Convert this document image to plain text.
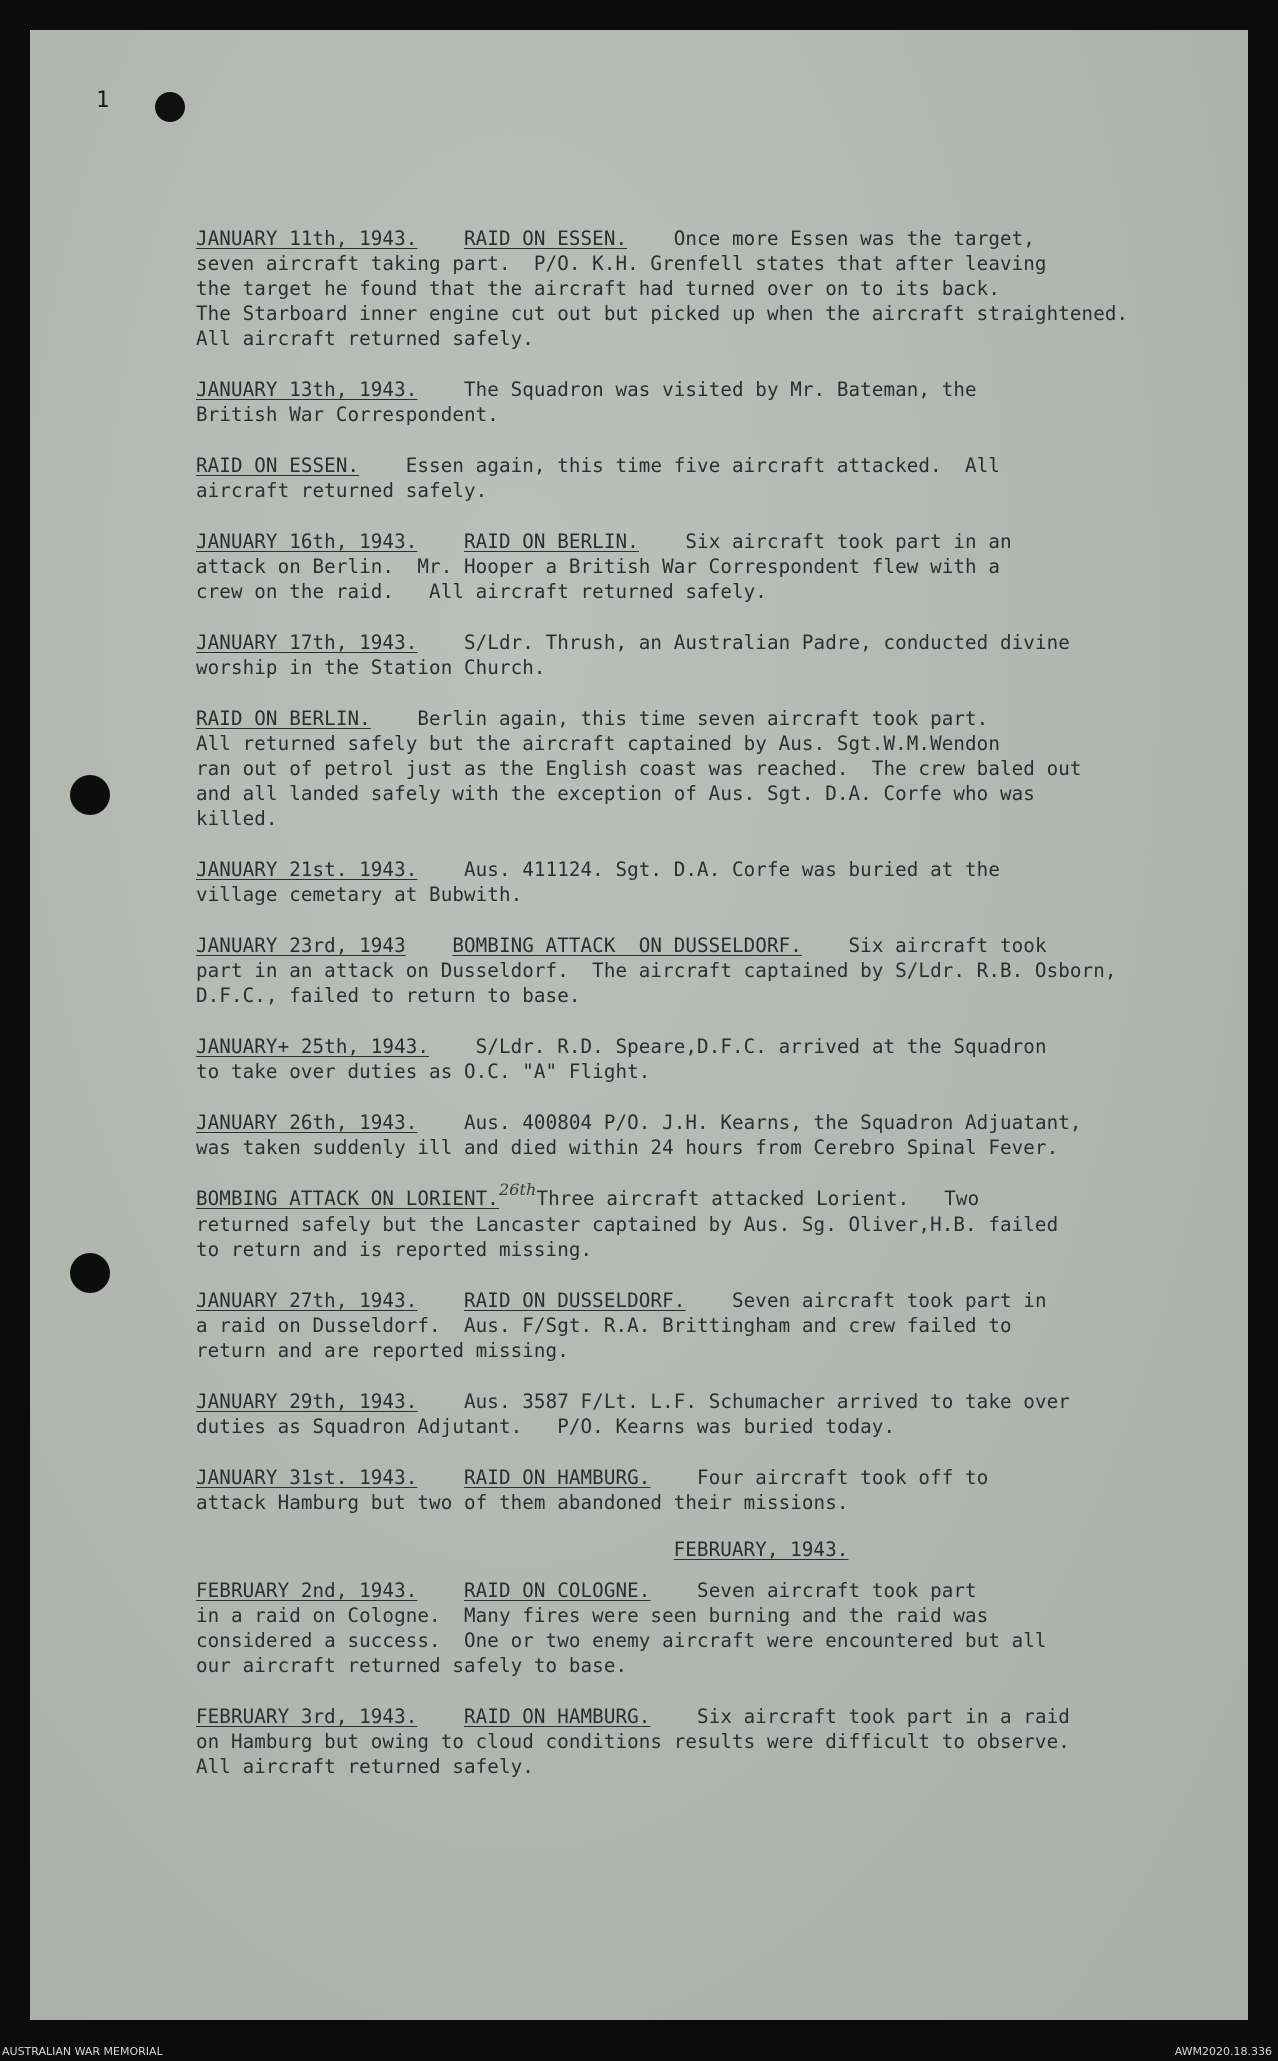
1

JANUARY 11th, 1943. RAID ON ESSEN. Once more Essen was the target,

seven aircraft taking part.  P/O. K.H. Grenfell states that after leaving

the target he found that the aircraft had turned over on to its back.

The Starboard inner engine cut out but picked up when the aircraft straightened.

All aircraft returned safely.

JANUARY 13th, 1943. The Squadron was visited by Mr. Bateman, the

British War Correspondent.

RAID ON ESSEN. Essen again, this time five aircraft attacked.  All

aircraft returned safely.

JANUARY 16th, 1943. RAID ON BERLIN. Six aircraft took part in an

attack on Berlin.  Mr. Hooper a British War Correspondent flew with a

crew on the raid.   All aircraft returned safely.

JANUARY 17th, 1943. S/Ldr. Thrush, an Australian Padre, conducted divine

worship in the Station Church.

RAID ON BERLIN. Berlin again, this time seven aircraft took part.

All returned safely but the aircraft captained by Aus. Sgt.W.M.Wendon

ran out of petrol just as the English coast was reached.  The crew baled out

and all landed safely with the exception of Aus. Sgt. D.A. Corfe who was

killed.

JANUARY 21st. 1943. Aus. 411124. Sgt. D.A. Corfe was buried at the

village cemetary at Bubwith.

JANUARY 23rd, 1943 BOMBING ATTACK  ON DUSSELDORF. Six aircraft took

part in an attack on Dusseldorf.  The aircraft captained by S/Ldr. R.B. Osborn,

D.F.C., failed to return to base.

JANUARY+ 25th, 1943. S/Ldr. R.D. Speare,D.F.C. arrived at the Squadron

to take over duties as O.C. "A" Flight.

JANUARY 26th, 1943. Aus. 400804 P/O. J.H. Kearns, the Squadron Adjuatant,

was taken suddenly ill and died within 24 hours from Cerebro Spinal Fever.

BOMBING ATTACK ON LORIENT.$^{26th}$Three aircraft attacked Lorient.   Two

returned safely but the Lancaster captained by Aus. Sg. Oliver,H.B. failed

to return and is reported missing.

JANUARY 27th, 1943. RAID ON DUSSELDORF. Seven aircraft took part in

a raid on Dusseldorf.  Aus. F/Sgt. R.A. Brittingham and crew failed to

return and are reported missing.

JANUARY 29th, 1943. Aus. 3587 F/Lt. L.F. Schumacher arrived to take over

duties as Squadron Adjutant.   P/O. Kearns was buried today.

JANUARY 31st. 1943. RAID ON HAMBURG. Four aircraft took off to

attack Hamburg but two of them abandoned their missions.

FEBRUARY, 1943.

FEBRUARY 2nd, 1943. RAID ON COLOGNE. Seven aircraft took part

in a raid on Cologne.  Many fires were seen burning and the raid was

considered a success.  One or two enemy aircraft were encountered but all

our aircraft returned safely to base.

FEBRUARY 3rd, 1943. RAID ON HAMBURG. Six aircraft took part in a raid

on Hamburg but owing to cloud conditions results were difficult to observe.

All aircraft returned safely.

AUSTRALIAN WAR MEMORIAL	AWM2020.18.336
